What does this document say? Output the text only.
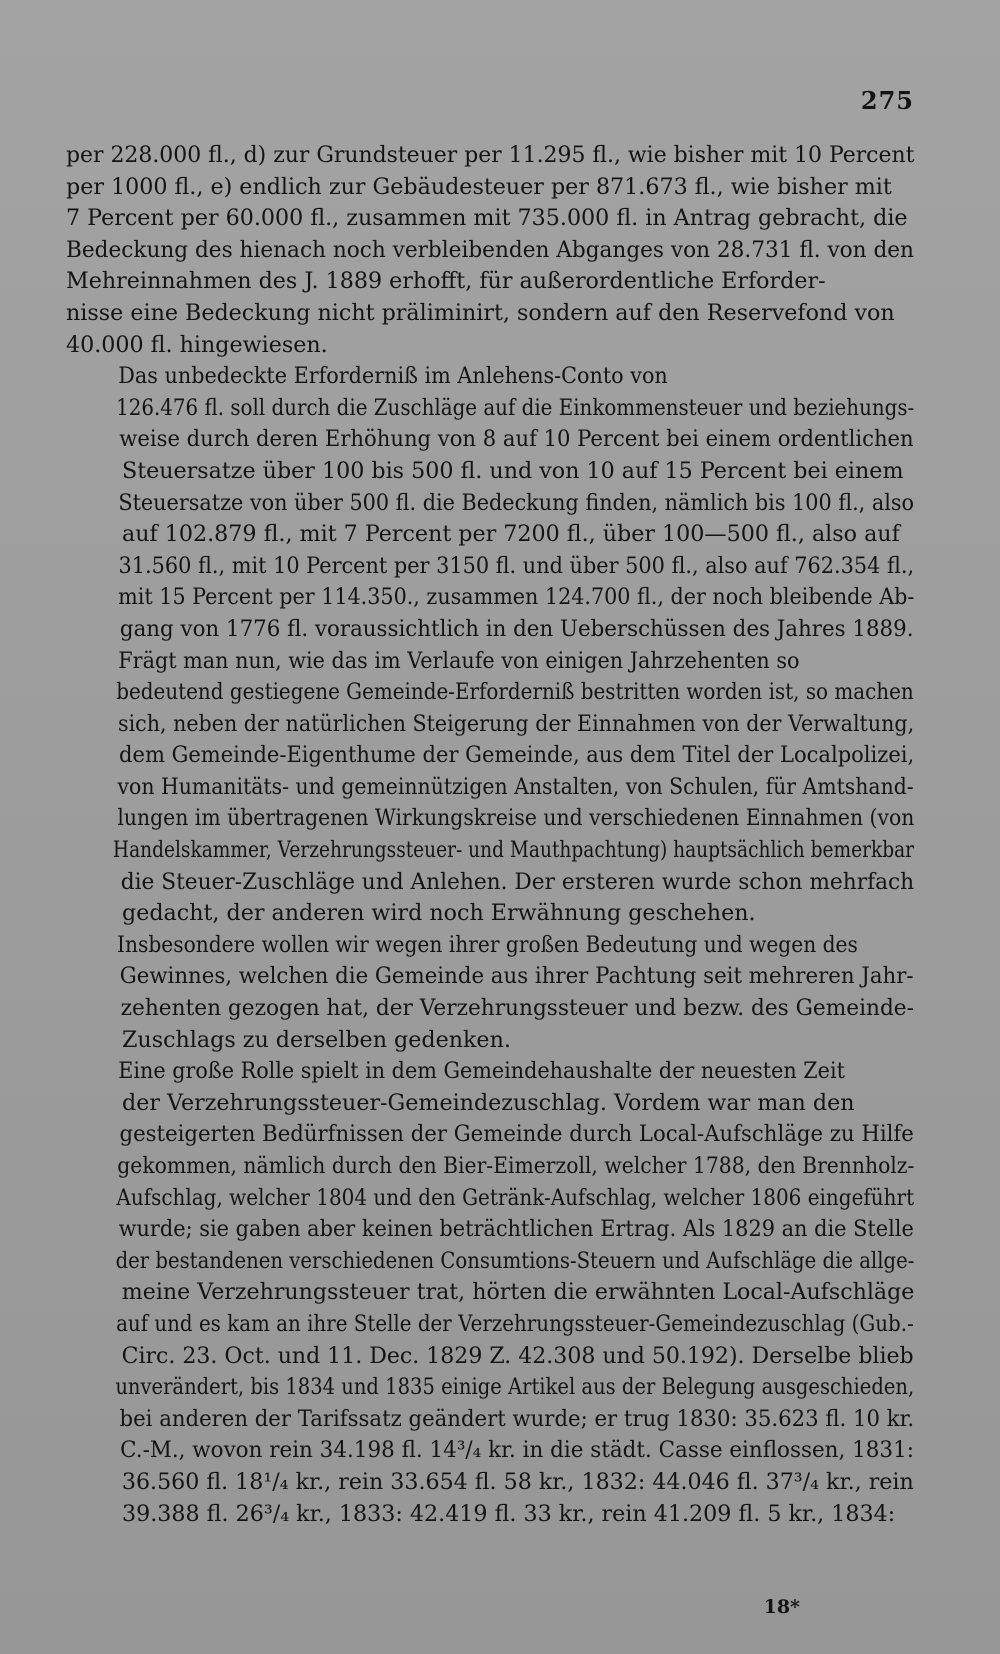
275

per 228.000 fl., d) zur Grundsteuer per 11.295 fl., wie bisher mit 10 Percent
per 1000 fl., e) endlich zur Gebäudesteuer per 871.673 fl., wie bisher mit
7 Percent per 60.000 fl., zusammen mit 735.000 fl. in Antrag gebracht, die
Bedeckung des hienach noch verbleibenden Abganges von 28.731 fl. von den
Mehreinnahmen des J. 1889 erhofft, für außerordentliche Erforder-
nisse eine Bedeckung nicht präliminirt, sondern auf den Reservefond von
40.000 fl. hingewiesen.

Das unbedeckte Erforderniß im Anlehens-Conto von
126.476 fl. soll durch die Zuschläge auf die Einkommensteuer und beziehungs-
weise durch deren Erhöhung von 8 auf 10 Percent bei einem ordentlichen
Steuersatze über 100 bis 500 fl. und von 10 auf 15 Percent bei einem
Steuersatze von über 500 fl. die Bedeckung finden, nämlich bis 100 fl., also
auf 102.879 fl., mit 7 Percent per 7200 fl., über 100—500 fl., also auf
31.560 fl., mit 10 Percent per 3150 fl. und über 500 fl., also auf 762.354 fl.,
mit 15 Percent per 114.350., zusammen 124.700 fl., der noch bleibende Ab-
gang von 1776 fl. voraussichtlich in den Ueberschüssen des Jahres 1889.

Frägt man nun, wie das im Verlaufe von einigen Jahrzehenten so
bedeutend gestiegene Gemeinde-Erforderniß bestritten worden ist, so machen
sich, neben der natürlichen Steigerung der Einnahmen von der Verwaltung,
dem Gemeinde-Eigenthume der Gemeinde, aus dem Titel der Localpolizei,
von Humanitäts- und gemeinnützigen Anstalten, von Schulen, für Amtshand-
lungen im übertragenen Wirkungskreise und verschiedenen Einnahmen (von
Handelskammer, Verzehrungssteuer- und Mauthpachtung) hauptsächlich bemerkbar
die Steuer-Zuschläge und Anlehen. Der ersteren wurde schon mehrfach
gedacht, der anderen wird noch Erwähnung geschehen.

Insbesondere wollen wir wegen ihrer großen Bedeutung und wegen des
Gewinnes, welchen die Gemeinde aus ihrer Pachtung seit mehreren Jahr-
zehenten gezogen hat, der Verzehrungssteuer und bezw. des Gemeinde-
Zuschlags zu derselben gedenken.

Eine große Rolle spielt in dem Gemeindehaushalte der neuesten Zeit
der Verzehrungssteuer-Gemeindezuschlag. Vordem war man den
gesteigerten Bedürfnissen der Gemeinde durch Local-Aufschläge zu Hilfe
gekommen, nämlich durch den Bier-Eimerzoll, welcher 1788, den Brennholz-
Aufschlag, welcher 1804 und den Getränk-Aufschlag, welcher 1806 eingeführt
wurde; sie gaben aber keinen beträchtlichen Ertrag. Als 1829 an die Stelle
der bestandenen verschiedenen Consumtions-Steuern und Aufschläge die allge-
meine Verzehrungssteuer trat, hörten die erwähnten Local-Aufschläge
auf und es kam an ihre Stelle der Verzehrungssteuer-Gemeindezuschlag (Gub.-
Circ. 23. Oct. und 11. Dec. 1829 Z. 42.308 und 50.192). Derselbe blieb
unverändert, bis 1834 und 1835 einige Artikel aus der Belegung ausgeschieden,
bei anderen der Tarifssatz geändert wurde; er trug 1830: 35.623 fl. 10 kr.
C.-M., wovon rein 34.198 fl. 14³/₄ kr. in die städt. Casse einflossen, 1831:
36.560 fl. 18¹/₄ kr., rein 33.654 fl. 58 kr., 1832: 44.046 fl. 37³/₄ kr., rein
39.388 fl. 26³/₄ kr., 1833: 42.419 fl. 33 kr., rein 41.209 fl. 5 kr., 1834:

18*
